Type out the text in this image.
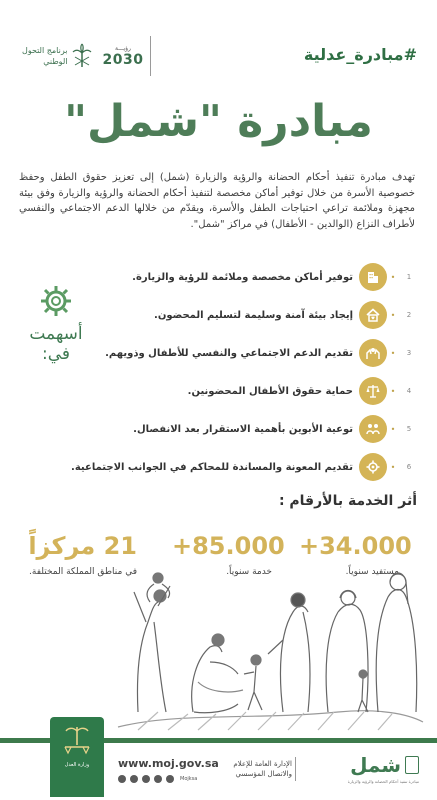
#مبادرة_عدلية
برنامج التحول
الوطني
رؤيـــة
2030
مبادرة "شمل"

تهدف مبادرة تنفيذ أحكام الحضانة والرؤية والزيارة (شمل) إلى تعزيز حقوق الطفل وحفظ خصوصية الأسرة من خلال توفير أماكن مخصصة لتنفيذ أحكام الحضانة والرؤية والزيارة وفق بيئة مجهزة وملائمة تراعي احتياجات الطفل والأسرة، ويقدّم من خلالها الدعم الاجتماعي والنفسي لأطراف النزاع (الوالدين - الأطفال) في مراكز "شمل".

أسهمت
في:
1
•
توفير أماكن مخصصة وملائمة للرؤية والزيارة.
2
•
إيجاد بيئة آمنة وسليمة لتسليم المحضون.
3
•
تقديم الدعم الاجتماعي والنفسي للأطفال وذويهم.
4
•
حماية حقوق الأطفال المحضونين.
5
•
توعية الأبوين بأهمية الاستقرار بعد الانفصال.
6
•
تقديم المعونة والمساندة للمحاكم في الجوانب الاجتماعية.
أثر الخدمة بالأرقام :
+34.000
مستفيد سنوياً.
+85.000
خدمة سنوياً.
21 مركزاً
في مناطق المملكة المختلفة.
وزارة العدل	www.moj.gov.sa
Mojksa
الإدارة العامة للإعلام
والاتصال المؤسسي	شمل
مبادرة تنفيذ أحكام الحضانة والرؤية والزيارة
